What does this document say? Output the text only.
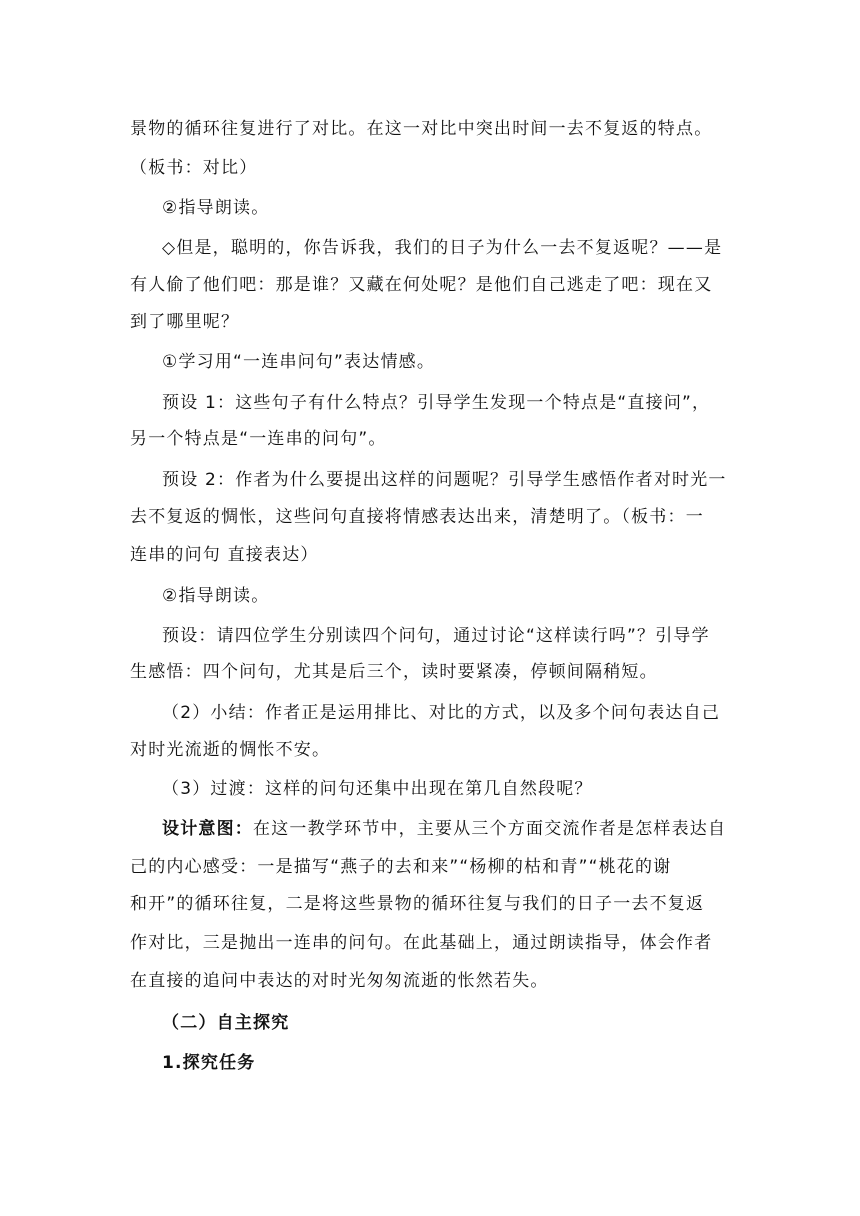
景物的循环往复进行了对比。在这一对比中突出时间一去不复返的特点。
（板书：对比）
②指导朗读。
◇但是，聪明的，你告诉我，我们的日子为什么一去不复返呢？——是
有人偷了他们吧：那是谁？又藏在何处呢？是他们自己逃走了吧：现在又
到了哪里呢？
①学习用“一连串问句”表达情感。
预设 1：这些句子有什么特点？引导学生发现一个特点是“直接问”，
另一个特点是“一连串的问句”。
预设 2：作者为什么要提出这样的问题呢？引导学生感悟作者对时光一
去不复返的惆怅，这些问句直接将情感表达出来，清楚明了。（板书：一
连串的问句 直接表达）
②指导朗读。
预设：请四位学生分别读四个问句，通过讨论“这样读行吗”？引导学
生感悟：四个问句，尤其是后三个，读时要紧凑，停顿间隔稍短。
（2）小结：作者正是运用排比、对比的方式，以及多个问句表达自己
对时光流逝的惆怅不安。
（3）过渡：这样的问句还集中出现在第几自然段呢？
设计意图：在这一教学环节中，主要从三个方面交流作者是怎样表达自
己的内心感受：一是描写“燕子的去和来”“杨柳的枯和青”“桃花的谢
和开”的循环往复，二是将这些景物的循环往复与我们的日子一去不复返
作对比，三是抛出一连串的问句。在此基础上，通过朗读指导，体会作者
在直接的追问中表达的对时光匆匆流逝的怅然若失。
（二）自主探究
1.探究任务
